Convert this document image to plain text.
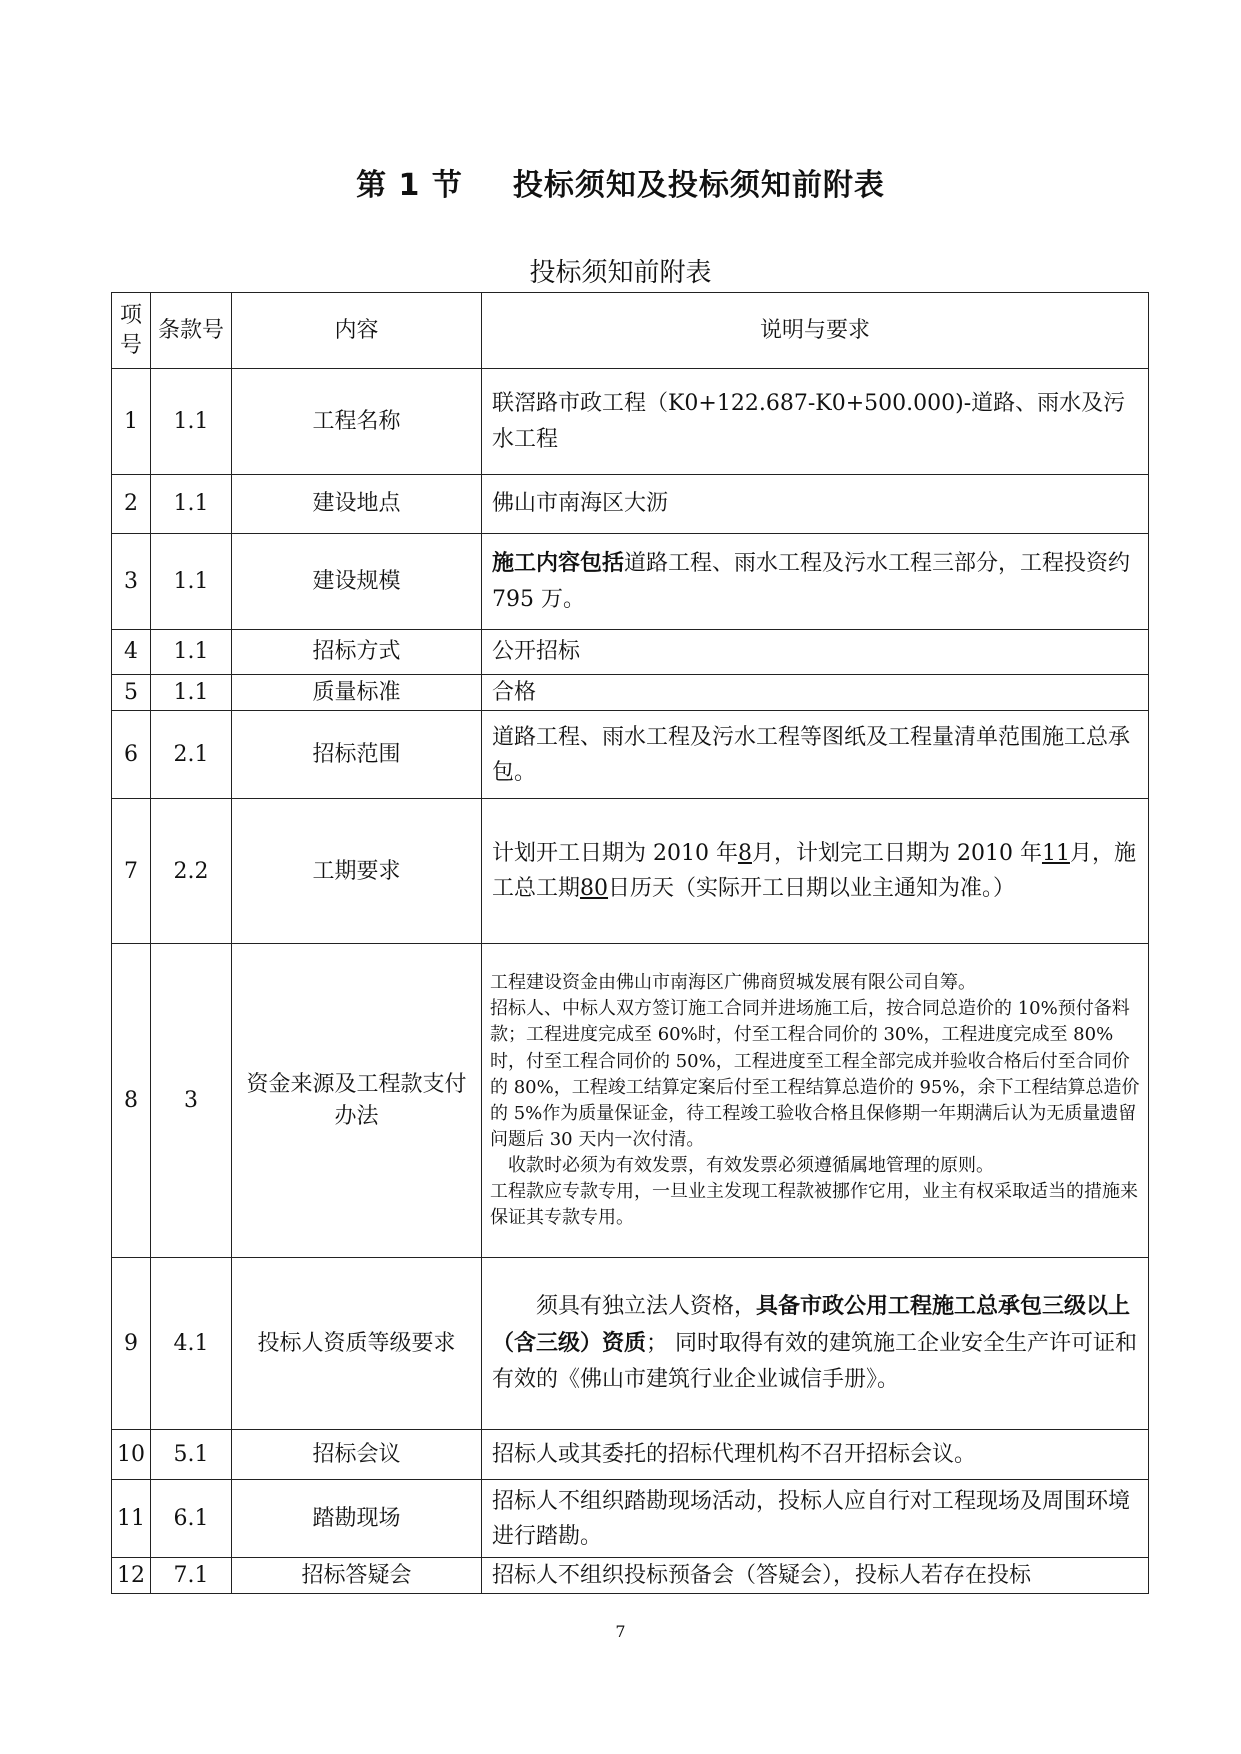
第 1 节 投标须知及投标须知前附表
投标须知前附表
项号	条款号	内容	说明与要求
1	1.1	工程名称	联滘路市政工程（K0+122.687-K0+500.000)-道路、雨水及污水工程
2	1.1	建设地点	佛山市南海区大沥
3	1.1	建设规模	施工内容包括道路工程、雨水工程及污水工程三部分，工程投资约 795 万。
4	1.1	招标方式	公开招标
5	1.1	质量标准	合格
6	2.1	招标范围	道路工程、雨水工程及污水工程等图纸及工程量清单范围施工总承包。
7	2.2	工期要求	计划开工日期为 2010 年8月，计划完工日期为 2010 年11月，施工总工期80日历天（实际开工日期以业主通知为准。）
8	3	资金来源及工程款支付办法	工程建设资金由佛山市南海区广佛商贸城发展有限公司自筹。
招标人、中标人双方签订施工合同并进场施工后，按合同总造价的 10%预付备料款；工程进度完成至 60%时，付至工程合同价的 30%，工程进度完成至 80%时，付至工程合同价的 50%，工程进度至工程全部完成并验收合格后付至合同价的 80%，工程竣工结算定案后付至工程结算总造价的 95%，余下工程结算总造价的 5%作为质量保证金，待工程竣工验收合格且保修期一年期满后认为无质量遗留问题后 30 天内一次付清。
收款时必须为有效发票，有效发票必须遵循属地管理的原则。
工程款应专款专用，一旦业主发现工程款被挪作它用，业主有权采取适当的措施来保证其专款专用。

9	4.1	投标人资质等级要求	须具有独立法人资格，具备市政公用工程施工总承包三级以上（含三级）资质； 同时取得有效的建筑施工企业安全生产许可证和有效的《佛山市建筑行业企业诚信手册》。
10	5.1	招标会议	招标人或其委托的招标代理机构不召开招标会议。
11	6.1	踏勘现场	招标人不组织踏勘现场活动，投标人应自行对工程现场及周围环境进行踏勘。
12	7.1	招标答疑会	招标人不组织投标预备会（答疑会），投标人若存在投标
7
